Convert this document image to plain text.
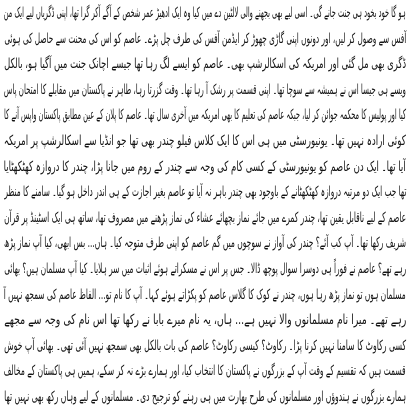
ہو گا خود بخود ہی جنت جانے گی۔ اسی لیے بھی بجھنے والی لالٹین دے میں کیا وہ ایک ادھیڑ عمر شخص کے آگے آکر گرا تھا، اپنی ڈگریاں لیے ایک من
آفس سے وصول کر لیں، اور دونوں اپنی گاڑی چھوڑ کر ایڈمن آفس کی طرف چل پڑے۔ عاصم کو اس کی محنت سے حاصل کی ہوئی
ڈگری بھی مل گئی اور امریکہ کی اسکالرشپ بھی۔ عاصم کو ایسے لگ رہا تھا جیسے اچانک جنت میں آگیا ہو، بالکل
ویسے ہی جیسا اس نے ہمیشہ سے سوچا تھا۔ اپنی قسمت پر رشک آ رہا تھا۔ وقت گزرتا رہا، طاہر نے پاکستان میں مقابلے کا امتحان پاس
کیا اور پولیس کا محکمہ جوائن کر لیا، جبکہ عاصم کی تعلیم کا بھی امریکہ میں آخری سال تھا۔ عاصم کا پلان کے عین مطابق پاکستان واپس آنے کا
کوئی ارادہ نہیں تھا۔ یونیورسٹی میں ہی اس کا ایک کلاس فیلو چندر بھی تھا جو انڈیا سے اسکالرشپ پر امریکہ
آیا تھا۔ ایک دن عاصم کو یونیورسٹی کے کسی کام کی وجہ سے چندر کے روم میں جانا پڑا، چندر کا دروازہ کھٹکھٹایا
تھا جب ایک دو مرتبہ دروازہ کھٹکھٹانے کے باوجود بھی چندر باہر نہ آیا تو عاصم بغیر اجازت کے ہی اندر داخل ہو گیا۔ سامنے کا منظر
عاصم کے لیے ناقابل یقین تھا، چندر کمرے میں جائے نماز بچھائے عشاء کی نماز پڑھنے میں مصروف تھا، ساتھ ہی ایک اسٹینڈ پر قرآن
شریف رکھا تھا۔ آپ کب آئے؟ چندر کی آواز نے سوچوں میں گم عاصم کو اپنی طرف متوجہ کیا۔ ہاں... بس ابھی، کیا آپ نماز پڑھ
رہے تھے؟ عاصم نے فوراً ہی دوسرا سوال پوچھ ڈالا۔ جس پر اس نے مسکراتے ہوئے اثبات میں سر ہلایا۔ کیا آپ مسلمان ہیں؟ بھائی
مسلمان ہوں تو نماز پڑھ رہا ہوں، چندر نے کوک کا گلاس عاصم کو پکڑاتے ہوئے کہا۔ آپ کا نام تو... الفاظ عاصم کی سمجھ نہیں آ
رہے تھے۔ میرا نام مسلمانوں والا نہیں ہے... ہاں، یہ نام میرے بابا نے رکھا تھا اس نام کی وجہ سے مجھے
کسی رکاوٹ کا سامنا نہیں کرنا پڑا۔ رکاوٹ؟ کیسی رکاوٹ؟ عاصم کی بات بالکل بھی سمجھ نہیں آئی تھی۔ بھائی آپ خوش
قسمت ہیں کہ تقسیم کے وقت آپ کے بزرگوں نے پاکستان کا انتخاب کیا، اور ہمارے بڑے نہ کر سکے، ہمیں ہی پاکستان کے مخالف
ہمارے بزرگوں نے ہندوؤں اور مسلمانوں کی طرح بھارت میں ہی رہنے کو ترجیح دی۔ مسلمانوں کے لیے وہاں رکھ بھی نہیں تھا
